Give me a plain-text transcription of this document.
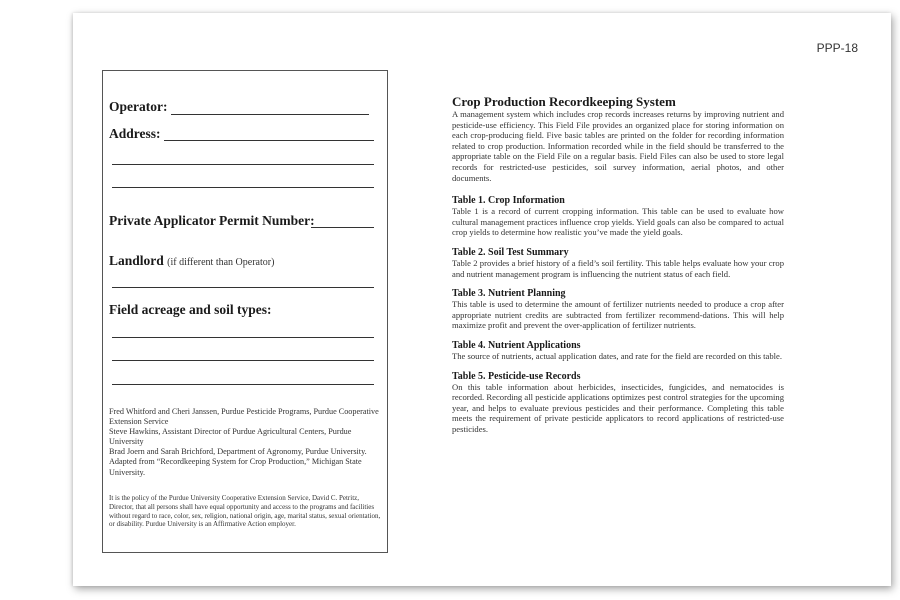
PPP-18
Operator:
Address:
Private Applicator Permit Number:
Landlord (if different than Operator)
Field acreage and soil types:

Fred Whitford and Cheri Janssen, Purdue Pesticide Programs, Purdue Cooperative Extension Service

Steve Hawkins, Assistant Director of Purdue Agricultural Centers, Purdue University

Brad Joern and Sarah Brichford, Department of Agronomy, Purdue University.

Adapted from “Recordkeeping System for Crop Production,” Michigan State University.

It is the policy of the Purdue University Cooperative Extension Service, David C. Petritz, Director, that all persons shall have equal opportunity and access to the programs and facilities without regard to race, color, sex, religion, national origin, age, marital status, sexual orientation, or disability. Purdue University is an Affirmative Action employer.
Crop Production Recordkeeping System

A management system which includes crop records increases returns by improving nutrient and pesticide-use efficiency. This Field File provides an organized place for storing information on each crop-producing field. Five basic tables are printed on the folder for recording information related to crop production. Information recorded while in the field should be transferred to the appropriate table on the Field File on a regular basis. Field Files can also be used to store legal records for restricted-use pesticides, soil survey information, aerial photos, and other documents.

Table 1. Crop Information

Table 1 is a record of current cropping information. This table can be used to evaluate how cultural management practices influence crop yields. Yield goals can also be compared to actual crop yields to determine how realistic you’ve made the yield goals.

Table 2. Soil Test Summary

Table 2 provides a brief history of a field’s soil fertility. This table helps evaluate how your crop and nutrient management program is influencing the nutrient status of each field.

Table 3. Nutrient Planning

This table is used to determine the amount of fertilizer nutrients needed to produce a crop after appropriate nutrient credits are subtracted from fertilizer recommend-dations. This will help maximize profit and prevent the over-application of fertilizer nutrients.

Table 4. Nutrient Applications

The source of nutrients, actual application dates, and rate for the field are recorded on this table.

Table 5. Pesticide-use Records

On this table information about herbicides, insecticides, fungicides, and nematocides is recorded. Recording all pesticide applications optimizes pest control strategies for the upcoming year, and helps to evaluate previous pesticides and their performance. Completing this table meets the requirement of private pesticide applicators to record applications of restricted-use pesticides.
